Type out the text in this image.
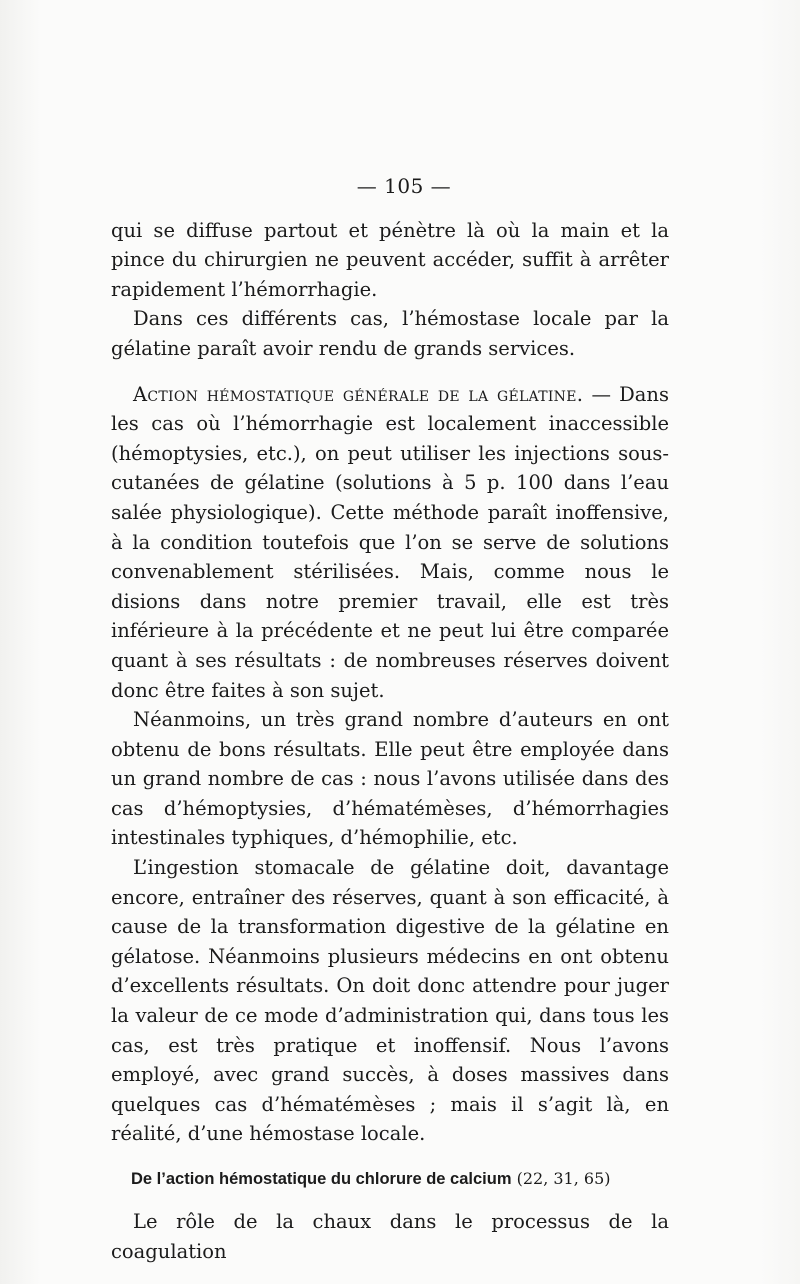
— 105 —

qui se diffuse partout et pénètre là où la main et la pince du chirurgien ne peuvent accéder, suffit à arrêter rapidement l’hémorrhagie.

Dans ces différents cas, l’hémostase locale par la gélatine paraît avoir rendu de grands services.

Action hémostatique générale de la gélatine. — Dans les cas où l’hémorrhagie est localement inaccessible (hémoptysies, etc.), on peut utiliser les injections sous-cutanées de gélatine (solutions à 5 p. 100 dans l’eau salée physiologique). Cette méthode paraît inoffensive, à la condition toutefois que l’on se serve de solutions convenablement stérilisées. Mais, comme nous le disions dans notre premier travail, elle est très inférieure à la précédente et ne peut lui être comparée quant à ses résultats : de nombreuses réserves doivent donc être faites à son sujet.

Néanmoins, un très grand nombre d’auteurs en ont obtenu de bons résultats. Elle peut être employée dans un grand nombre de cas : nous l’avons utilisée dans des cas d’hémoptysies, d’hématémèses, d’hémorrhagies intestinales typhiques, d’hémophilie, etc.

L’ingestion stomacale de gélatine doit, davantage encore, entraîner des réserves, quant à son efficacité, à cause de la transformation digestive de la gélatine en gélatose. Néanmoins plusieurs médecins en ont obtenu d’excellents résultats. On doit donc attendre pour juger la valeur de ce mode d’administration qui, dans tous les cas, est très pratique et inoffensif. Nous l’avons employé, avec grand succès, à doses massives dans quelques cas d’hématémèses ; mais il s’agit là, en réalité, d’une hémostase locale.

De l’action hémostatique du chlorure de calcium (22, 31, 65)

Le rôle de la chaux dans le processus de la coagulation
